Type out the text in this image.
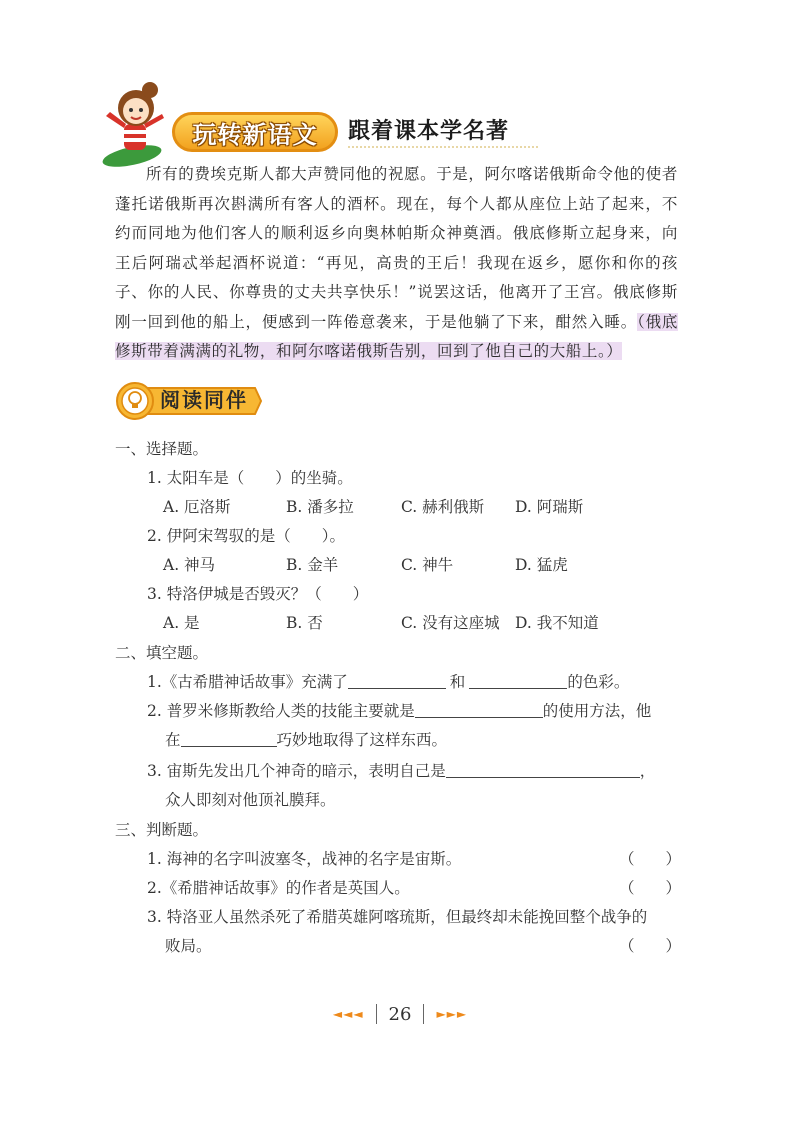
玩转新语文 跟着课本学名著

所有的费埃克斯人都大声赞同他的祝愿。于是，阿尔喀诺俄斯命令他的使者蓬托诺俄斯再次斟满所有客人的酒杯。现在，每个人都从座位上站了起来，不约而同地为他们客人的顺利返乡向奥林帕斯众神奠酒。俄底修斯立起身来，向王后阿瑞忒举起酒杯说道：“再见，高贵的王后！我现在返乡，愿你和你的孩子、你的人民、你尊贵的丈夫共享快乐！”说罢这话，他离开了王宫。俄底修斯刚一回到他的船上，便感到一阵倦意袭来，于是他躺了下来，酣然入睡。（俄底修斯带着满满的礼物，和阿尔喀诺俄斯告别，回到了他自己的大船上。）

阅读同伴
一、选择题。
1. 太阳车是（　　）的坐骑。
A. 厄洛斯	B. 潘多拉	C. 赫利俄斯 D. 阿瑞斯
2. 伊阿宋驾驭的是（　　）。
A. 神马	B. 金羊	C. 神牛	D. 猛虎
3. 特洛伊城是否毁灭？（　　）
A. 是	B. 否	C. 没有这座城 D. 我不知道
二、填空题。
1.《古希腊神话故事》充满了	和	的色彩。
2. 普罗米修斯教给人类的技能主要就是	的使用方法，他
在	巧妙地取得了这样东西。
3. 宙斯先发出几个神奇的暗示，表明自己是	，
众人即刻对他顶礼膜拜。
三、判断题。
1. 海神的名字叫波塞冬，战神的名字是宙斯。	（　　）
2.《希腊神话故事》的作者是英国人。	（　　）
3. 特洛亚人虽然杀死了希腊英雄阿喀琉斯，但最终却未能挽回整个战争的
败局。	（　　）
◄◄◄ 26 ►►►
